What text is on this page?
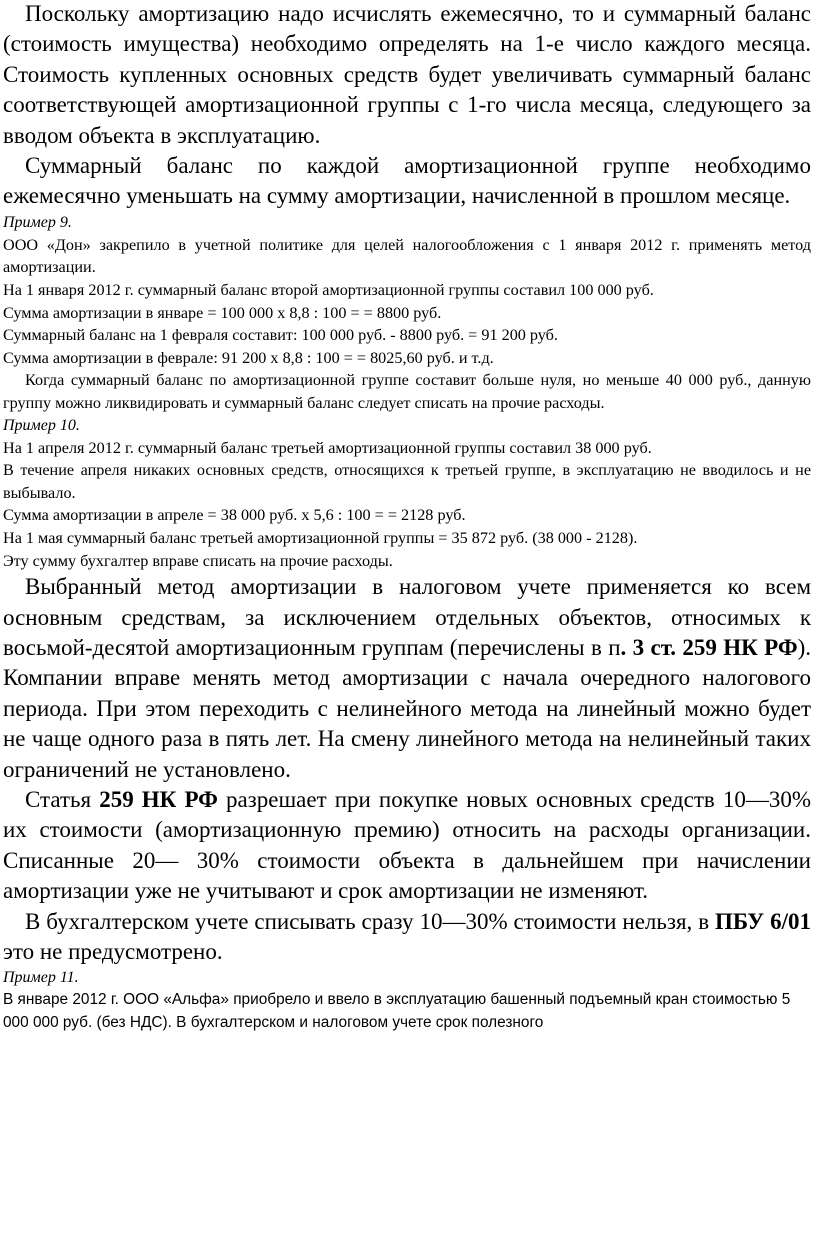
Поскольку амортизацию надо исчислять ежемесячно, то и суммарный баланс (стоимость имущества) необходимо определять на 1-е число каждого месяца. Стоимость купленных основных средств будет увеличивать суммарный баланс соответствующей амортизационной группы с 1-го числа месяца, следующего за вводом объекта в эксплуатацию.

Суммарный баланс по каждой амортизационной группе необходимо ежемесячно уменьшать на сумму амортизации, начисленной в прошлом месяце.

Пример 9.

ООО «Дон» закрепило в учетной политике для целей налогообложения с 1 января 2012 г. применять метод амортизации.

На 1 января 2012 г. суммарный баланс второй амортизационной группы составил 100 000 руб.

Сумма амортизации в январе = 100 000 х 8,8 : 100 = = 8800 руб.

Суммарный баланс на 1 февраля составит: 100 000 руб. - 8800 руб. = 91 200 руб.

Сумма амортизации в феврале: 91 200 х 8,8 : 100 = = 8025,60 руб. и т.д.

Когда суммарный баланс по амортизационной группе составит больше нуля, но меньше 40 000 руб., данную группу можно ликвидировать и суммарный баланс следует списать на прочие расходы.

Пример 10.

На 1 апреля 2012 г. суммарный баланс третьей амортизационной группы составил 38 000 руб.

В течение апреля никаких основных средств, относящихся к третьей группе, в эксплуатацию не вводилось и не выбывало.

Сумма амортизации в апреле = 38 000 руб. х 5,6 : 100 = = 2128 руб.

На 1 мая суммарный баланс третьей амортизационной группы = 35 872 руб. (38 000 - 2128).

Эту сумму бухгалтер вправе списать на прочие расходы.

Выбранный метод амортизации в налоговом учете применяется ко всем основным средствам, за исключением отдельных объектов, относимых к восьмой-десятой амортизационным группам (перечислены в п. 3 ст. 259 НК РФ). Компании вправе менять метод амортизации с начала очередного налогового периода. При этом переходить с нелинейного метода на линейный можно будет не чаще одного раза в пять лет. На смену линейного метода на нелинейный таких ограничений не установлено.

Статья 259 НК РФ разрешает при покупке новых основных средств 10—30% их стоимости (амортизационную премию) относить на расходы организации. Списанные 20— 30% стоимости объекта в дальнейшем при начислении амортизации уже не учитывают и срок амортизации не изменяют.

В бухгалтерском учете списывать сразу 10—30% стоимости нельзя, в ПБУ 6/01 это не предусмотрено.

Пример 11.

В январе 2012 г. ООО «Альфа» приобрело и ввело в эксплуатацию башенный подъемный кран стоимостью 5 000 000 руб. (без НДС). В бухгалтерском и налоговом учете срок полезного
